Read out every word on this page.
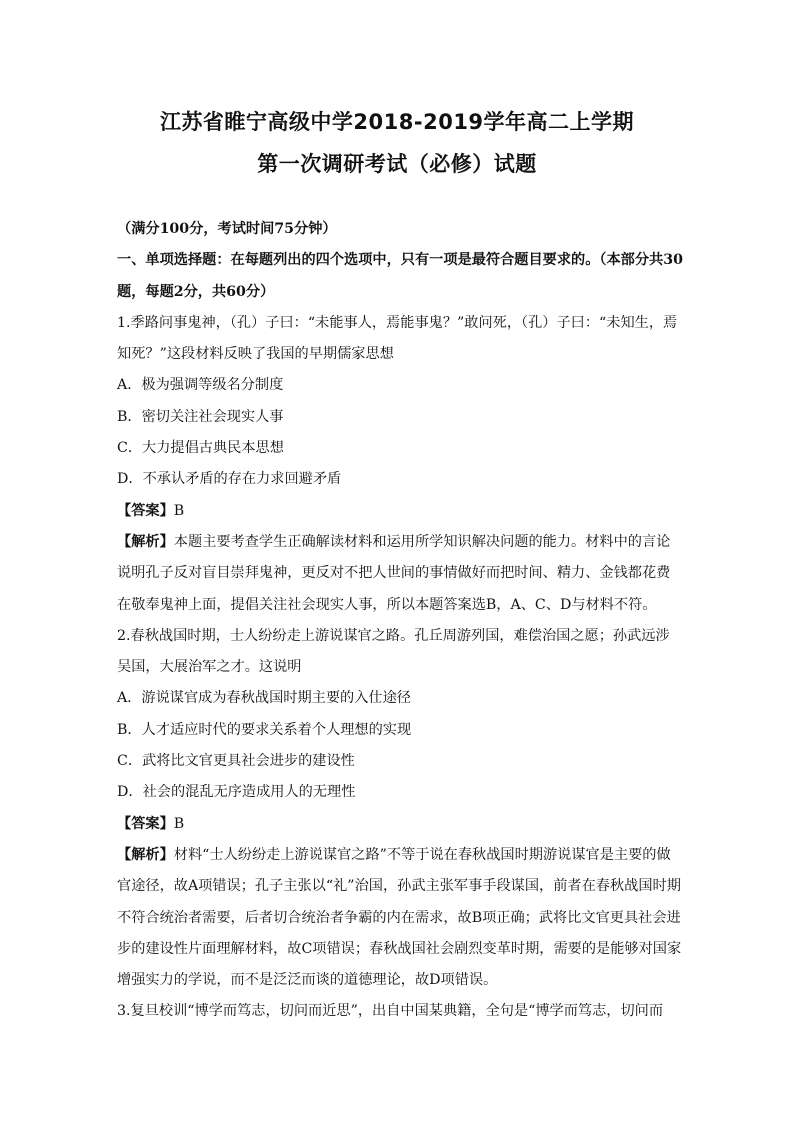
江苏省睢宁高级中学2018-2019学年高二上学期
第一次调研考试（必修）试题

（满分100分，考试时间75分钟）

一、单项选择题：在每题列出的四个选项中，只有一项是最符合题目要求的。（本部分共30题，每题2分，共60分）

1.季路问事鬼神，（孔）子曰：“未能事人，焉能事鬼？”敢问死，（孔）子曰：“未知生，焉知死？”这段材料反映了我国的早期儒家思想

A．极为强调等级名分制度

B．密切关注社会现实人事

C．大力提倡古典民本思想

D．不承认矛盾的存在力求回避矛盾

【答案】B

【解析】本题主要考查学生正确解读材料和运用所学知识解决问题的能力。材料中的言论说明孔子反对盲目崇拜鬼神，更反对不把人世间的事情做好而把时间、精力、金钱都花费在敬奉鬼神上面，提倡关注社会现实人事，所以本题答案选B，A、C、D与材料不符。

2.春秋战国时期，士人纷纷走上游说谋官之路。孔丘周游列国，难偿治国之愿；孙武远涉吴国，大展治军之才。这说明

A．游说谋官成为春秋战国时期主要的入仕途径

B．人才适应时代的要求关系着个人理想的实现

C．武将比文官更具社会进步的建设性

D．社会的混乱无序造成用人的无理性

【答案】B

【解析】材料“士人纷纷走上游说谋官之路”不等于说在春秋战国时期游说谋官是主要的做官途径，故A项错误；孔子主张以“礼”治国，孙武主张军事手段谋国，前者在春秋战国时期不符合统治者需要，后者切合统治者争霸的内在需求，故B项正确；武将比文官更具社会进步的建设性片面理解材料，故C项错误；春秋战国社会剧烈变革时期，需要的是能够对国家增强实力的学说，而不是泛泛而谈的道德理论，故D项错误。

3.复旦校训“博学而笃志，切问而近思”，出自中国某典籍，全句是“博学而笃志，切问而
